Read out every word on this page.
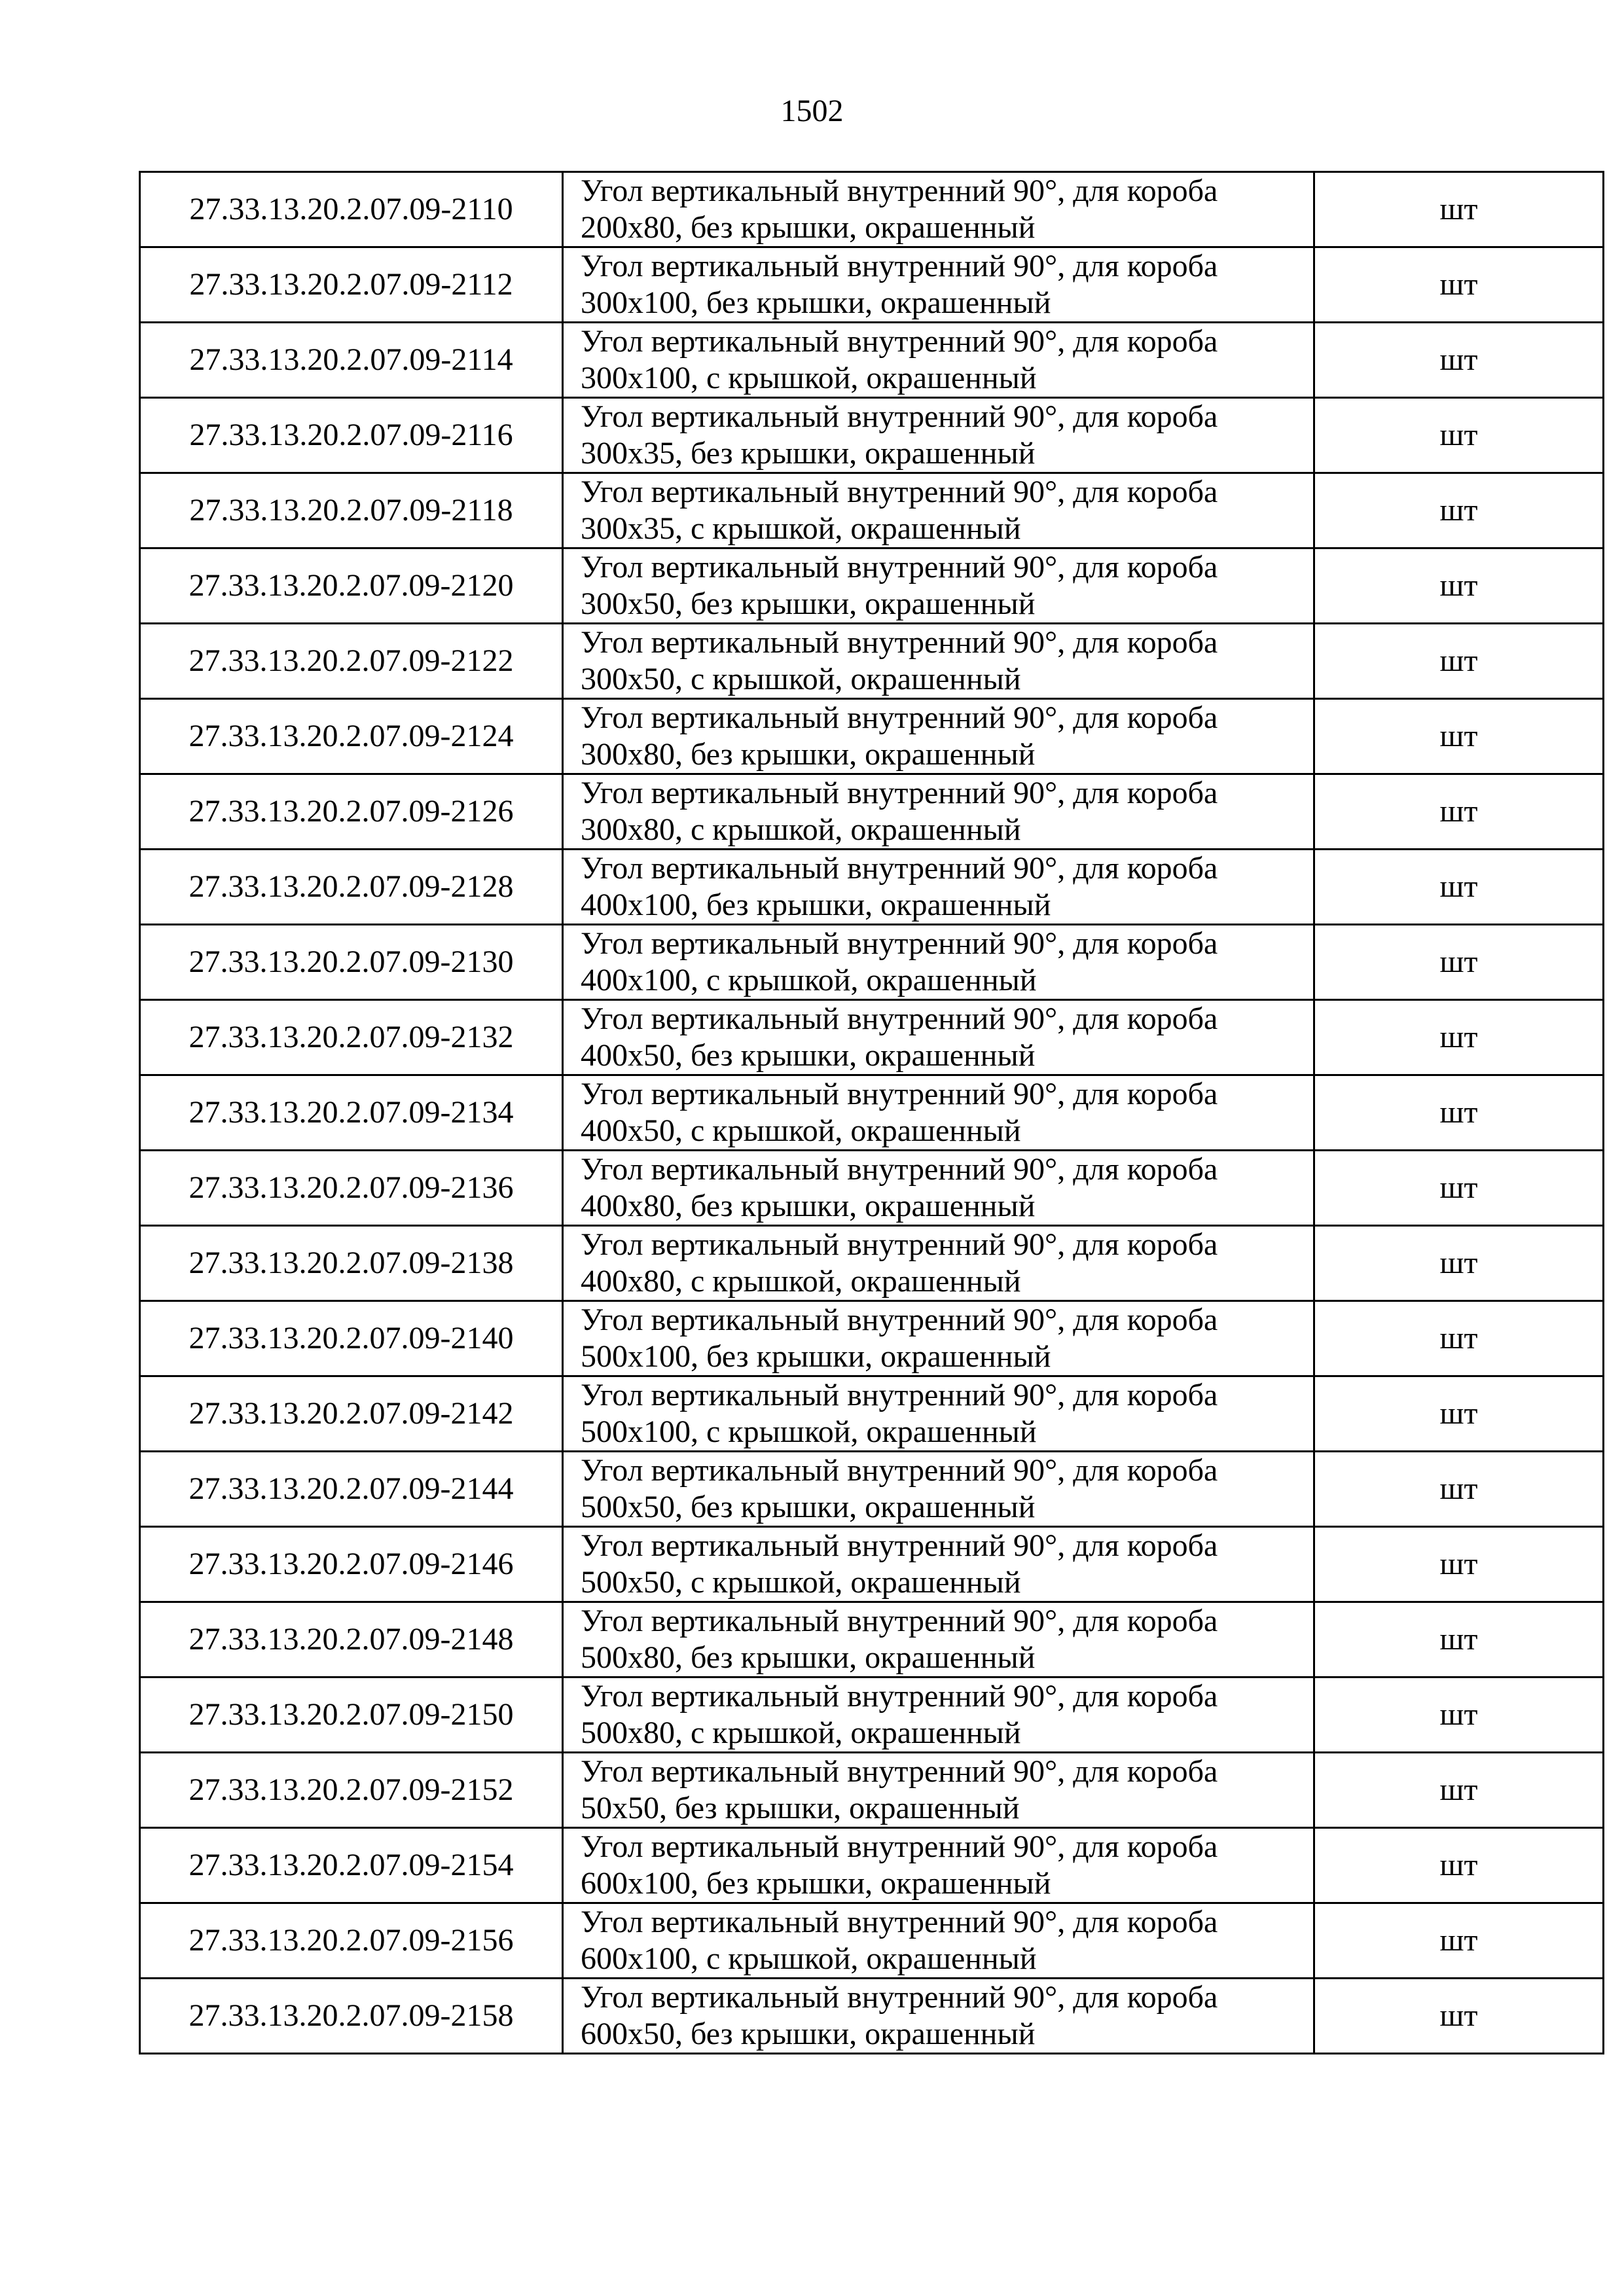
1502
27.33.13.20.2.07.09-2110	Угол вертикальный внутренний 90°, для короба
200х80, без крышки, окрашенный	шт
27.33.13.20.2.07.09-2112	Угол вертикальный внутренний 90°, для короба
300х100, без крышки, окрашенный	шт
27.33.13.20.2.07.09-2114	Угол вертикальный внутренний 90°, для короба
300х100, с крышкой, окрашенный	шт
27.33.13.20.2.07.09-2116	Угол вертикальный внутренний 90°, для короба
300х35, без крышки, окрашенный	шт
27.33.13.20.2.07.09-2118	Угол вертикальный внутренний 90°, для короба
300х35, с крышкой, окрашенный	шт
27.33.13.20.2.07.09-2120	Угол вертикальный внутренний 90°, для короба
300х50, без крышки, окрашенный	шт
27.33.13.20.2.07.09-2122	Угол вертикальный внутренний 90°, для короба
300х50, с крышкой, окрашенный	шт
27.33.13.20.2.07.09-2124	Угол вертикальный внутренний 90°, для короба
300х80, без крышки, окрашенный	шт
27.33.13.20.2.07.09-2126	Угол вертикальный внутренний 90°, для короба
300х80, с крышкой, окрашенный	шт
27.33.13.20.2.07.09-2128	Угол вертикальный внутренний 90°, для короба
400х100, без крышки, окрашенный	шт
27.33.13.20.2.07.09-2130	Угол вертикальный внутренний 90°, для короба
400х100, с крышкой, окрашенный	шт
27.33.13.20.2.07.09-2132	Угол вертикальный внутренний 90°, для короба
400х50, без крышки, окрашенный	шт
27.33.13.20.2.07.09-2134	Угол вертикальный внутренний 90°, для короба
400х50, с крышкой, окрашенный	шт
27.33.13.20.2.07.09-2136	Угол вертикальный внутренний 90°, для короба
400х80, без крышки, окрашенный	шт
27.33.13.20.2.07.09-2138	Угол вертикальный внутренний 90°, для короба
400х80, с крышкой, окрашенный	шт
27.33.13.20.2.07.09-2140	Угол вертикальный внутренний 90°, для короба
500х100, без крышки, окрашенный	шт
27.33.13.20.2.07.09-2142	Угол вертикальный внутренний 90°, для короба
500х100, с крышкой, окрашенный	шт
27.33.13.20.2.07.09-2144	Угол вертикальный внутренний 90°, для короба
500х50, без крышки, окрашенный	шт
27.33.13.20.2.07.09-2146	Угол вертикальный внутренний 90°, для короба
500х50, с крышкой, окрашенный	шт
27.33.13.20.2.07.09-2148	Угол вертикальный внутренний 90°, для короба
500х80, без крышки, окрашенный	шт
27.33.13.20.2.07.09-2150	Угол вертикальный внутренний 90°, для короба
500х80, с крышкой, окрашенный	шт
27.33.13.20.2.07.09-2152	Угол вертикальный внутренний 90°, для короба
50х50, без крышки, окрашенный	шт
27.33.13.20.2.07.09-2154	Угол вертикальный внутренний 90°, для короба
600х100, без крышки, окрашенный	шт
27.33.13.20.2.07.09-2156	Угол вертикальный внутренний 90°, для короба
600х100, с крышкой, окрашенный	шт
27.33.13.20.2.07.09-2158	Угол вертикальный внутренний 90°, для короба
600х50, без крышки, окрашенный	шт
